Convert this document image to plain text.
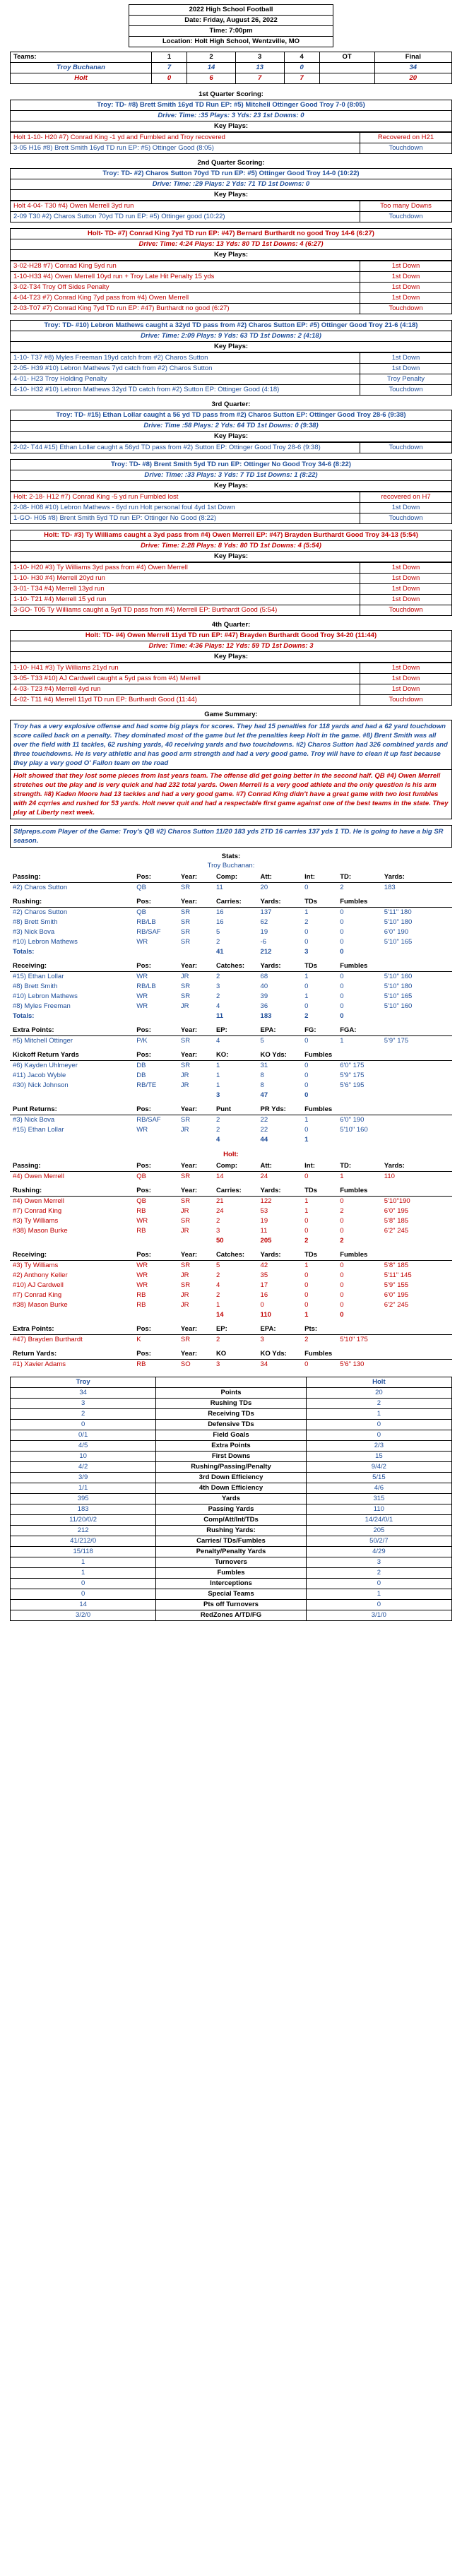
2022 High School Football
Date: Friday, August 26, 2022
Time: 7:00pm
Location: Holt High School, Wentzville, MO
Teams:	1	2	3	4	OT	Final
Troy Buchanan	7	14	13	0		34
Holt	0	6	7	7		20
1st Quarter Scoring:
Troy: TD- #8) Brett Smith 16yd TD Run EP: #5) Mitchell Ottinger Good Troy 7-0 (8:05)
Drive: Time: :35 Plays: 3 Yds: 23 1st Downs: 0
Key Plays:
Holt 1-10- H20 #7) Conrad King -1 yd and Fumbled and Troy recovered	Recovered on H21
3-05 H16 #8) Brett Smith 16yd TD run EP: #5) Ottinger Good (8:05)	Touchdown
2nd Quarter Scoring:
Troy: TD- #2) Charos Sutton 70yd TD run EP: #5) Ottinger Good Troy 14-0 (10:22)
Drive: Time: :29 Plays: 2 Yds: 71 TD 1st Downs: 0
Key Plays:
Holt 4-04- T30 #4) Owen Merrell 3yd run	Too many Downs
2-09 T30 #2) Charos Sutton 70yd TD run EP: #5) Ottinger good (10:22)	Touchdown
Holt- TD- #7) Conrad King 7yd TD run EP: #47) Bernard Burthardt no good Troy 14-6 (6:27)
Drive: Time: 4:24 Plays: 13 Yds: 80 TD 1st Downs: 4 (6:27)
Key Plays:
3-02-H28 #7) Conrad King 5yd run	1st Down
1-10-H33 #4) Owen Merrell 10yd run + Troy Late Hit Penalty 15 yds	1st Down
3-02-T34 Troy Off Sides Penalty	1st Down
4-04-T23 #7) Conrad King 7yd pass from #4) Owen Merrell	1st Down
2-03-T07 #7) Conrad King 7yd TD run EP: #47) Burthardt no good (6:27)	Touchdown
Troy: TD- #10) Lebron Mathews caught a 32yd TD pass from #2) Charos Sutton EP: #5) Ottinger Good Troy 21-6 (4:18)
Drive: Time: 2:09 Plays: 9 Yds: 63 TD 1st Downs: 2 (4:18)
Key Plays:
1-10- T37 #8) Myles Freeman 19yd catch from #2) Charos Sutton	1st Down
2-05- H39 #10) Lebron Mathews 7yd catch from #2) Charos Sutton	1st Down
4-01- H23 Troy Holding Penalty	Troy Penalty
4-10- H32 #10) Lebron Mathews 32yd TD catch from #2) Sutton EP: Ottinger Good (4:18)	Touchdown
3rd Quarter:
Troy: TD- #15) Ethan Lollar caught a 56 yd TD pass from #2) Charos Sutton EP: Ottinger Good Troy 28-6 (9:38)
Drive: Time :58 Plays: 2 Yds: 64 TD 1st Downs: 0 (9:38)
Key Plays:
2-02- T44 #15) Ethan Lollar caught a 56yd TD pass from #2) Sutton EP: Ottinger Good Troy 28-6 (9:38)	Touchdown
Troy: TD- #8) Brent Smith 5yd TD run EP: Ottinger No Good Troy 34-6 (8:22)
Drive: Time: :33 Plays: 3 Yds: 7 TD 1st Downs: 1 (8:22)
Key Plays:
Holt: 2-18- H12 #7) Conrad King -5 yd run Fumbled lost	recovered on H7
2-08- H08 #10) Lebron Mathews - 6yd run Holt personal foul 4yd 1st Down	1st Down
1-GO- H05 #8) Brent Smith 5yd TD run EP: Ottinger No Good (8:22)	Touchdown
Holt: TD- #3) Ty Williams caught a 3yd pass from #4) Owen Merrell EP: #47) Brayden Burthardt Good Troy 34-13 (5:54)
Drive: Time: 2:28 Plays: 8 Yds: 80 TD 1st Downs: 4 (5:54)
Key Plays:
1-10- H20 #3) Ty Williams 3yd pass from #4) Owen Merrell	1st Down
1-10- H30 #4) Merrell 20yd run	1st Down
3-01- T34 #4) Merrell 13yd run	1st Down
1-10- T21 #4) Merrell 15 yd run	1st Down
3-GO- T05 Ty Williams caught a 5yd TD pass from #4) Merrell EP: Burthardt Good (5:54)	Touchdown
4th Quarter:
Holt: TD- #4) Owen Merrell 11yd TD run EP: #47) Brayden Burthardt Good Troy 34-20 (11:44)
Drive: Time: 4:36 Plays: 12 Yds: 59 TD 1st Downs: 3
Key Plays:
1-10- H41 #3) Ty Williams 21yd run	1st Down
3-05- T33 #10) AJ Cardwell caught a 5yd pass from #4) Merrell	1st Down
4-03- T23 #4) Merrell 4yd run	1st Down
4-02- T11 #4) Merrell 11yd TD run EP: Burthardt Good (11:44)	Touchdown
Game Summary:
Troy has a very explosive offense and had some big plays for scores. They had 15 penalties for 118 yards and had a 62 yard touchdown score called back on a penalty. They dominated most of the game but let the penalties keep Holt in the game. #8) Brent Smith was all over the field with 11 tackles, 62 rushing yards, 40 receiving yards and two touchdowns. #2) Charos Sutton had 326 combined yards and three touchdowns. He is very athletic and has good arm strength and had a very good game. Troy will have to clean it up fast because they play a very good O' Fallon team on the road
Holt showed that they lost some pieces from last years team. The offense did get going better in the second half. QB #4) Owen Merrell stretches out the play and is very quick and had 232 total yards. Owen Merrell is a very good athlete and the only question is his arm strength. #8) Kaden Moore had 13 tackles and had a very good game. #7) Conrad King didn't have a great game with two lost fumbles with 24 cqrries and rushed for 53 yards. Holt never quit and had a respectable first game against one of the best teams in the state. They play at Liberty next week.
Stlpreps.com Player of the Game: Troy's QB #2) Charos Sutton 11/20 183 yds 2TD 16 carries 137 yds 1 TD. He is going to have a big SR season.
Stats:
Troy Buchanan:
Passing:	Pos:	Year:	Comp:	Att:	Int:	TD:	Yards:
#2) Charos Sutton	QB	SR	11	20	0	2	183
Rushing:	Pos:	Year:	Carries:	Yards:	TDs	Fumbles	
#2) Charos Sutton	QB	SR	16	137	1	0	5'11" 180
#8) Brett Smith	RB/LB	SR	16	62	2	0	5'10" 180
#3) Nick Bova	RB/SAF	SR	5	19	0	0	6'0" 190
#10) Lebron Mathews	WR	SR	2	-6	0	0	5'10" 165
Totals:			41	212	3	0	
Receiving:	Pos:	Year:	Catches:	Yards:	TDs	Fumbles	
#15) Ethan Lollar	WR	JR	2	68	1	0	5'10" 160
#8) Brett Smith	RB/LB	SR	3	40	0	0	5'10" 180
#10) Lebron Mathews	WR	SR	2	39	1	0	5'10" 165
#8) Myles Freeman	WR	JR	4	36	0	0	5'10" 160
Totals:			11	183	2	0	
Extra Points:	Pos:	Year:	EP:	EPA:	FG:	FGA:	
#5) Mitchell Ottinger	P/K	SR	4	5	0	1	5'9" 175
Kickoff Return Yards	Pos:	Year:	KO:	KO Yds:	Fumbles		
#6) Kayden Uhlmeyer	DB	SR	1	31	0	6'0" 175	
#11) Jacob Wyble	DB	JR	1	8	0	5'9" 175	
#30) Nick Johnson	RB/TE	JR	1	8	0	5'6" 195	
			3	47	0		
Punt Returns:	Pos:	Year:	Punt	PR Yds:	Fumbles		
#3) Nick Bova	RB/SAF	SR	2	22	1	6'0" 190	
#15) Ethan Lollar	WR	JR	2	22	0	5'10" 160	
			4	44	1		
Holt:
Passing:	Pos:	Year:	Comp:	Att:	Int:	TD:	Yards:
#4) Owen Merrell	QB	SR	14	24	0	1	110
Rushing:	Pos:	Year:	Carries:	Yards:	TDs	Fumbles	
#4) Owen Merrell	QB	SR	21	122	1	0	5'10"190
#7) Conrad King	RB	JR	24	53	1	2	6'0" 195
#3) Ty Williams	WR	SR	2	19	0	0	5'8" 185
#38) Mason Burke	RB	JR	3	11	0	0	6'2" 245
			50	205	2	2	
Receiving:	Pos:	Year:	Catches:	Yards:	TDs	Fumbles	
#3) Ty Williams	WR	SR	5	42	1	0	5'8" 185
#2) Anthony Keller	WR	JR	2	35	0	0	5'11" 145
#10) AJ Cardwell	WR	SR	4	17	0	0	5'9" 155
#7) Conrad King	RB	JR	2	16	0	0	6'0" 195
#38) Mason Burke	RB	JR	1	0	0	0	6'2" 245
			14	110	1	0	
Extra Points:	Pos:	Year:	EP:	EPA:	Pts:		
#47) Brayden Burthardt	K	SR	2	3	2	5'10" 175	
Return Yards:	Pos:	Year:	KO	KO Yds:	Fumbles		
#1) Xavier Adams	RB	SO	3	34	0	5'6" 130	
Troy		Holt
34	Points	20
3	Rushing TDs	2
2	Receiving TDs	1
0	Defensive TDs	0
0/1	Field Goals	0
4/5	Extra Points	2/3
10	First Downs	15
4/2	Rushing/Passing/Penalty	9/4/2
3/9	3rd Down Efficiency	5/15
1/1	4th Down Efficiency	4/6
395	Yards	315
183	Passing Yards	110
11/20/0/2	Comp/Att/Int/TDs	14/24/0/1
212	Rushing Yards:	205
41/212/0	Carries/ TDs/Fumbles	50/2/7
15/118	Penalty/Penalty Yards	4/29
1	Turnovers	3
1	Fumbles	2
0	Interceptions	0
0	Special Teams	1
14	Pts off Turnovers	0
3/2/0	RedZones A/TD/FG	3/1/0
